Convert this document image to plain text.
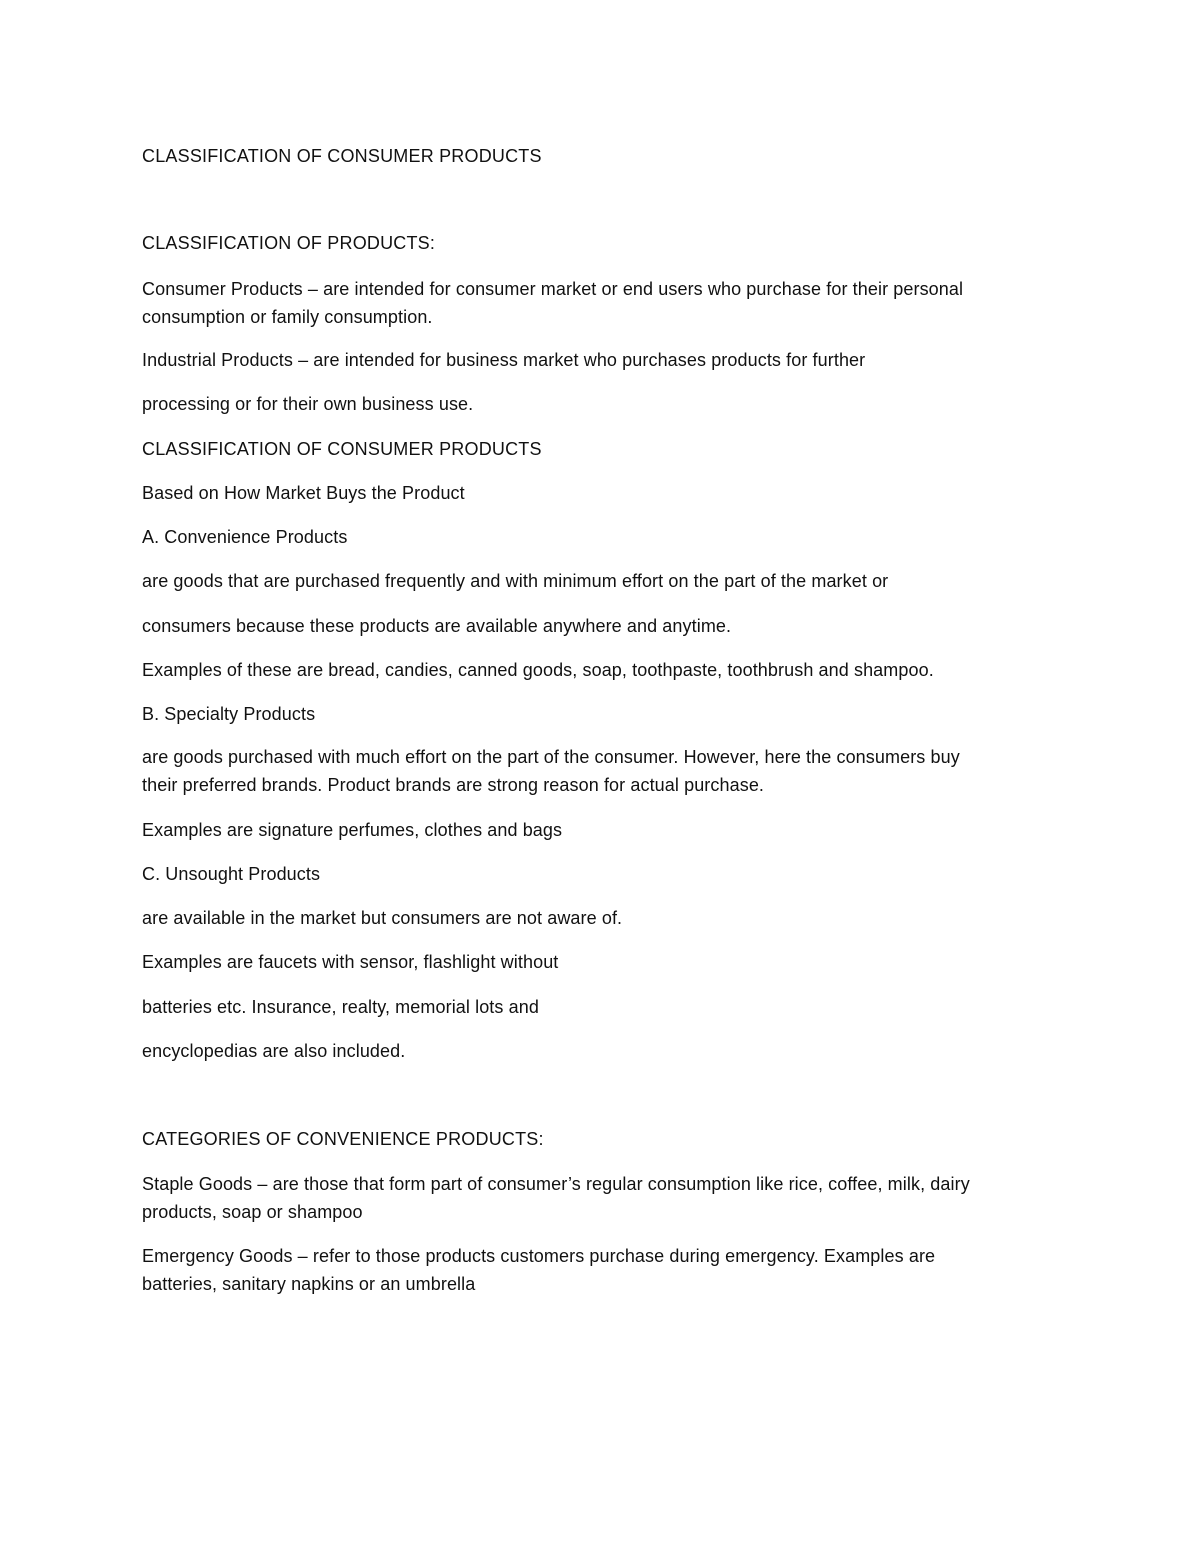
CLASSIFICATION OF CONSUMER PRODUCTS
CLASSIFICATION OF PRODUCTS:
Consumer Products – are intended for consumer market or end users who purchase for their personal
consumption or family consumption.
Industrial Products – are intended for business market who purchases products for further
processing or for their own business use.
CLASSIFICATION OF CONSUMER PRODUCTS
Based on How Market Buys the Product
A. Convenience Products
are goods that are purchased frequently and with minimum effort on the part of the market or
consumers because these products are available anywhere and anytime.
Examples of these are bread, candies, canned goods, soap, toothpaste, toothbrush and shampoo.
B. Specialty Products
are goods purchased with much effort on the part of the consumer. However, here the consumers buy
their preferred brands. Product brands are strong reason for actual purchase.
Examples are signature perfumes, clothes and bags
C. Unsought Products
are available in the market but consumers are not aware of.
Examples are faucets with sensor, flashlight without
batteries etc. Insurance, realty, memorial lots and
encyclopedias are also included.
CATEGORIES OF CONVENIENCE PRODUCTS:
Staple Goods – are those that form part of consumer’s regular consumption like rice, coffee, milk, dairy
products, soap or shampoo
Emergency Goods – refer to those products customers purchase during emergency. Examples are
batteries, sanitary napkins or an umbrella
